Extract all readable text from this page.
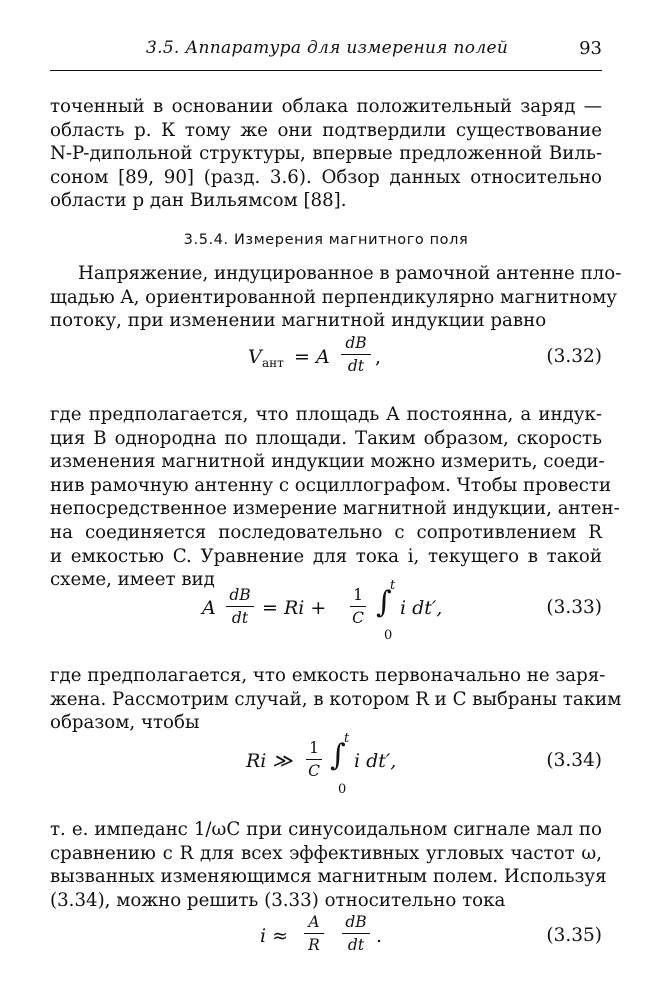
3.5. Аппаратура для измерения полей	93

точенный в основании облака положительный заряд —
область p. К тому же они подтвердили существование
N-P-дипольной структуры, впервые предложенной Виль-
соном [89, 90] (разд. 3.6). Обзор данных относительно
области p дан Вильямсом [88].

3.5.4. Измерения магнитного поля

Напряжение, индуцированное в рамочной антенне пло-
щадью A, ориентированной перпендикулярно магнитному
потоку, при изменении магнитной индукции равно

V ант = A
dB
dt ,	(3.32)

где предполагается, что площадь A постоянна, а индук-
ция B однородна по площади. Таким образом, скорость
изменения магнитной индукции можно измерить, соеди-
нив рамочную антенну с осциллографом. Чтобы провести
непосредственное измерение магнитной индукции, антен-
на соединяется последовательно с сопротивлением R
и емкостью C. Уравнение для тока i, текущего в такой
схеме, имеет вид

A
dB
dt = Ri +
1
C ∫
t
0
i dt′,	(3.33)

где предполагается, что емкость первоначально не заря-
жена. Рассмотрим случай, в котором R и C выбраны таким
образом, чтобы

Ri ≫
1
C ∫
t
0
i dt′,	(3.34)

т. е. импеданс 1/ωC при синусоидальном сигнале мал по
сравнению с R для всех эффективных угловых частот ω,
вызванных изменяющимся магнитным полем. Используя
(3.34), можно решить (3.33) относительно тока

i ≈
A
R
dB
dt .	(3.35)
